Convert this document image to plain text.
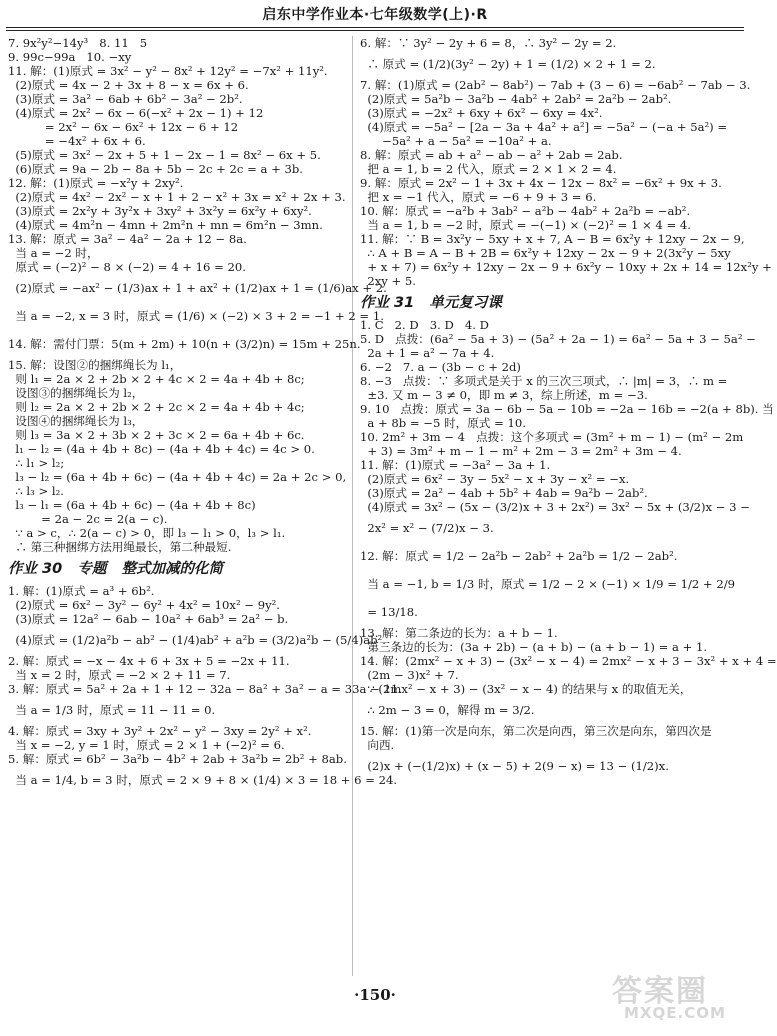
启东中学作业本·七年级数学(上)·R
7. 9x²y²−14y³   8. 11   5
9. 99c−99a   10. −xy
11. 解：(1)原式 = 3x² − y² − 8x² + 12y² = −7x² + 11y².
(2)原式 = 4x − 2 + 3x + 8 − x = 6x + 6.
(3)原式 = 3a² − 6ab + 6b² − 3a² − 2b².
(4)原式 = 2x² − 6x − 6(−x² + 2x − 1) + 12
= 2x² − 6x − 6x² + 12x − 6 + 12
= −4x² + 6x + 6.
(5)原式 = 3x² − 2x + 5 + 1 − 2x − 1 = 8x² − 6x + 5.
(6)原式 = 9a − 2b − 8a + 5b − 2c + 2c = a + 3b.
12. 解：(1)原式 = −x²y + 2xy².
(2)原式 = 4x² − 2x² − x + 1 + 2 − x² + 3x = x² + 2x + 3.
(3)原式 = 2x²y + 3y²x + 3xy² + 3x²y = 6x²y + 6xy².
(4)原式 = 4m²n − 4mn + 2m²n + mn = 6m²n − 3mn.
13. 解：原式 = 3a² − 4a² − 2a + 12 − 8a.
当 a = −2 时，
原式 = (−2)² − 8 × (−2) = 4 + 16 = 20.
(2)原式 = −ax² − (1/3)ax + 1 + ax² + (1/2)ax + 1 = (1/6)ax + 2.
当 a = −2, x = 3 时，原式 = (1/6) × (−2) × 3 + 2 = −1 + 2 = 1.
14. 解：需付门票：5(m + 2m) + 10(n + (3/2)n) = 15m + 25n.
15. 解：设图②的捆绑绳长为 l₁，
则 l₁ = 2a × 2 + 2b × 2 + 4c × 2 = 4a + 4b + 8c;
设图③的捆绑绳长为 l₂，
则 l₂ = 2a × 2 + 2b × 2 + 2c × 2 = 4a + 4b + 4c;
设图④的捆绑绳长为 l₃，
则 l₃ = 3a × 2 + 3b × 2 + 3c × 2 = 6a + 4b + 6c.
l₁ − l₂ = (4a + 4b + 8c) − (4a + 4b + 4c) = 4c > 0.
∴ l₁ > l₂;
l₃ − l₂ = (6a + 4b + 6c) − (4a + 4b + 4c) = 2a + 2c > 0,
∴ l₃ > l₂.
l₃ − l₁ = (6a + 4b + 6c) − (4a + 4b + 8c)
= 2a − 2c = 2(a − c).
∵ a > c，∴ 2(a − c) > 0，即 l₃ − l₁ > 0，l₃ > l₁.
∴ 第三种捆绑方法用绳最长，第二种最短.
作业 30   专题   整式加减的化简
1. 解：(1)原式 = a³ + 6b².
(2)原式 = 6x² − 3y² − 6y² + 4x² = 10x² − 9y².
(3)原式 = 12a² − 6ab − 10a² + 6ab³ = 2a² − b.
(4)原式 = (1/2)a²b − ab² − (1/4)ab² + a²b = (3/2)a²b − (5/4)ab².
2. 解：原式 = −x − 4x + 6 + 3x + 5 = −2x + 11.
当 x = 2 时，原式 = −2 × 2 + 11 = 7.
3. 解：原式 = 5a² + 2a + 1 + 12 − 32a − 8a² + 3a² − a = 33a − 11.
当 a = 1/3 时，原式 = 11 − 11 = 0.
4. 解：原式 = 3xy + 3y² + 2x² − y² − 3xy = 2y² + x².
当 x = −2, y = 1 时，原式 = 2 × 1 + (−2)² = 6.
5. 解：原式 = 6b² − 3a²b − 4b² + 2ab + 3a²b = 2b² + 8ab.
当 a = 1/4, b = 3 时，原式 = 2 × 9 + 8 × (1/4) × 3 = 18 + 6 = 24.
6. 解：∵ 3y² − 2y + 6 = 8，∴ 3y² − 2y = 2.
∴ 原式 = (1/2)(3y² − 2y) + 1 = (1/2) × 2 + 1 = 2.
7. 解：(1)原式 = (2ab² − 8ab²) − 7ab + (3 − 6) = −6ab² − 7ab − 3.
(2)原式 = 5a²b − 3a²b − 4ab² + 2ab² = 2a²b − 2ab².
(3)原式 = −2x² + 6xy + 6x² − 6xy = 4x².
(4)原式 = −5a² − [2a − 3a + 4a² + a²] = −5a² − (−a + 5a²) =
−5a² + a − 5a² = −10a² + a.
8. 解：原式 = ab + a² − ab − a² + 2ab = 2ab.
把 a = 1, b = 2 代入，原式 = 2 × 1 × 2 = 4.
9. 解：原式 = 2x² − 1 + 3x + 4x − 12x − 8x² = −6x² + 9x + 3.
把 x = −1 代入，原式 = −6 + 9 + 3 = 6.
10. 解：原式 = −a²b + 3ab² − a²b − 4ab² + 2a²b = −ab².
当 a = 1, b = −2 时，原式 = −(−1) × (−2)² = 1 × 4 = 4.
11. 解：∵ B = 3x²y − 5xy + x + 7, A − B = 6x²y + 12xy − 2x − 9,
∴ A + B = A − B + 2B = 6x²y + 12xy − 2x − 9 + 2(3x²y − 5xy
+ x + 7) = 6x²y + 12xy − 2x − 9 + 6x²y − 10xy + 2x + 14 = 12x²y +
2xy + 5.
作业 31   单元复习课
1. C   2. D   3. D   4. D
5. D   点拨：(6a² − 5a + 3) − (5a² + 2a − 1) = 6a² − 5a + 3 − 5a² −
2a + 1 = a² − 7a + 4.
6. −2   7. a − (3b − c + 2d)
8. −3   点拨：∵ 多项式是关于 x 的三次三项式，∴ |m| = 3，∴ m =
±3. 又 m − 3 ≠ 0，即 m ≠ 3，综上所述，m = −3.
9. 10   点拨：原式 = 3a − 6b − 5a − 10b = −2a − 16b = −2(a + 8b). 当
a + 8b = −5 时，原式 = 10.
10. 2m² + 3m − 4   点拨：这个多项式 = (3m² + m − 1) − (m² − 2m
+ 3) = 3m² + m − 1 − m² + 2m − 3 = 2m² + 3m − 4.
11. 解：(1)原式 = −3a² − 3a + 1.
(2)原式 = 6x² − 3y − 5x² − x + 3y − x² = −x.
(3)原式 = 2a² − 4ab + 5b² + 4ab = 9a²b − 2ab².
(4)原式 = 3x² − (5x − (3/2)x + 3 + 2x²) = 3x² − 5x + (3/2)x − 3 −
2x² = x² − (7/2)x − 3.
12. 解：原式 = 1/2 − 2a²b − 2ab² + 2a²b = 1/2 − 2ab².
当 a = −1, b = 1/3 时，原式 = 1/2 − 2 × (−1) × 1/9 = 1/2 + 2/9
= 13/18.
13. 解：第二条边的长为：a + b − 1.
第三条边的长为：(3a + 2b) − (a + b) − (a + b − 1) = a + 1.
14. 解：(2mx² − x + 3) − (3x² − x − 4) = 2mx² − x + 3 − 3x² + x + 4 =
(2m − 3)x² + 7.
∵ (2mx² − x + 3) − (3x² − x − 4) 的结果与 x 的取值无关，
∴ 2m − 3 = 0，解得 m = 3/2.
15. 解：(1)第一次是向东，第二次是向西，第三次是向东，第四次是
向西.
(2)x + (−(1/2)x) + (x − 5) + 2(9 − x) = 13 − (1/2)x.
·150·	答案圈
MXQE.COM
